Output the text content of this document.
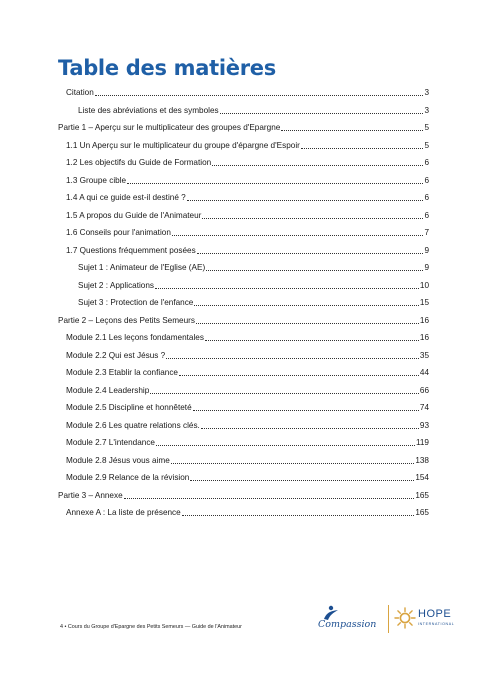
Table des matières
Citation	3
Liste des abréviations et des symboles	3
Partie 1 – Aperçu sur le multiplicateur des groupes d'Epargne	5
1.1 Un Aperçu sur le multiplicateur du groupe d'épargne d'Espoir	5
1.2 Les objectifs du Guide de Formation	6
1.3 Groupe cible	6
1.4 A qui ce guide est-il destiné ?	6
1.5 A propos du Guide de l'Animateur	6
1.6 Conseils pour l'animation	7
1.7 Questions fréquemment posées	9
Sujet 1 : Animateur de l'Eglise (AE)	9
Sujet 2 : Applications	10
Sujet 3 : Protection de l'enfance	15
Partie 2 – Leçons des Petits Semeurs	16
Module 2.1 Les leçons fondamentales	16
Module 2.2 Qui est Jésus ?	35
Module 2.3 Etablir la confiance	44
Module 2.4 Leadership	66
Module 2.5 Discipline et honnêteté	74
Module 2.6 Les quatre relations clés.	93
Module 2.7 L'intendance	119
Module 2.8 Jésus vous aime	138
Module 2.9 Relance de la révision	154
Partie 3 – Annexe	165
Annexe A : La liste de présence	165
4 • Cours du Groupe d'Epargne des Petits Semeurs — Guide de l'Animateur	Compassion
HOPE
INTERNATIONAL
